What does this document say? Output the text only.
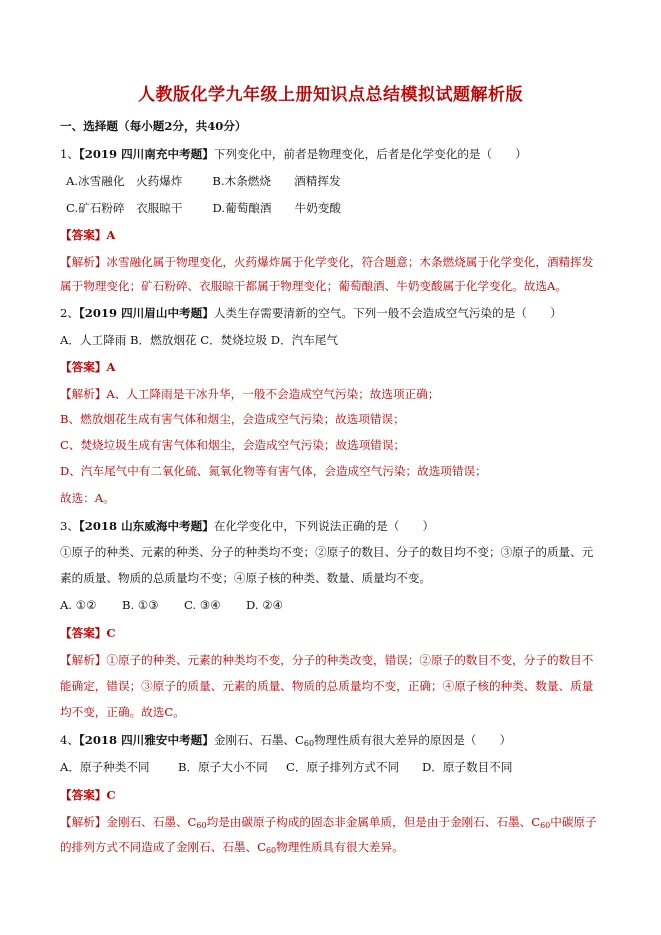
人教版化学九年级上册知识点总结模拟试题解析版
一、选择题（每小题2分，共40分）
1、【2019 四川南充中考题】下列变化中，前者是物理变化，后者是化学变化的是（　　）
A.冰雪融化　火药爆炸	B.木条燃烧　　酒精挥发
C.矿石粉碎　衣服晾干	D.葡萄酿酒　　牛奶变酸
【答案】A
【解析】冰雪融化属于物理变化，火药爆炸属于化学变化，符合题意；木条燃烧属于化学变化，酒精挥发
属于物理变化；矿石粉碎、衣服晾干都属于物理变化；葡萄酿酒、牛奶变酸属于化学变化。故选A。
2、【2019 四川眉山中考题】人类生存需要清新的空气。下列一般不会造成空气污染的是（　　）
A．人工降雨 B．燃放烟花 C．焚烧垃圾 D．汽车尾气
【答案】A
【解析】A、人工降雨是干冰升华，一般不会造成空气污染；故选项正确；
B、燃放烟花生成有害气体和烟尘，会造成空气污染；故选项错误；
C、焚烧垃圾生成有害气体和烟尘，会造成空气污染；故选项错误；
D、汽车尾气中有二氧化硫、氮氧化物等有害气体，会造成空气污染；故选项错误；
故选：A。
3、【2018 山东威海中考题】在化学变化中，下列说法正确的是（　　）
①原子的种类、元素的种类、分子的种类均不变；②原子的数目、分子的数目均不变；③原子的质量、元
素的质量、物质的总质量均不变；④原子核的种类、数量、质量均不变。
A. ①② B. ①③ C. ③④ D. ②④
【答案】C
【解析】①原子的种类、元素的种类均不变，分子的种类改变，错误；②原子的数目不变，分子的数目不
能确定，错误；③原子的质量、元素的质量、物质的总质量均不变，正确；④原子核的种类、数量、质量
均不变，正确。故选C。
4、【2018 四川雅安中考题】金刚石、石墨、$C_{60}$物理性质有很大差异的原因是（　　）
A．原子种类不同 B．原子大小不同 C．原子排列方式不同 D．原子数目不同
【答案】C
【解析】金刚石、石墨、$C_{60}$均是由碳原子构成的固态非金属单质，但是由于金刚石、石墨、$C_{60}$中碳原子
的排列方式不同造成了金刚石、石墨、$C_{60}$物理性质具有很大差异。
